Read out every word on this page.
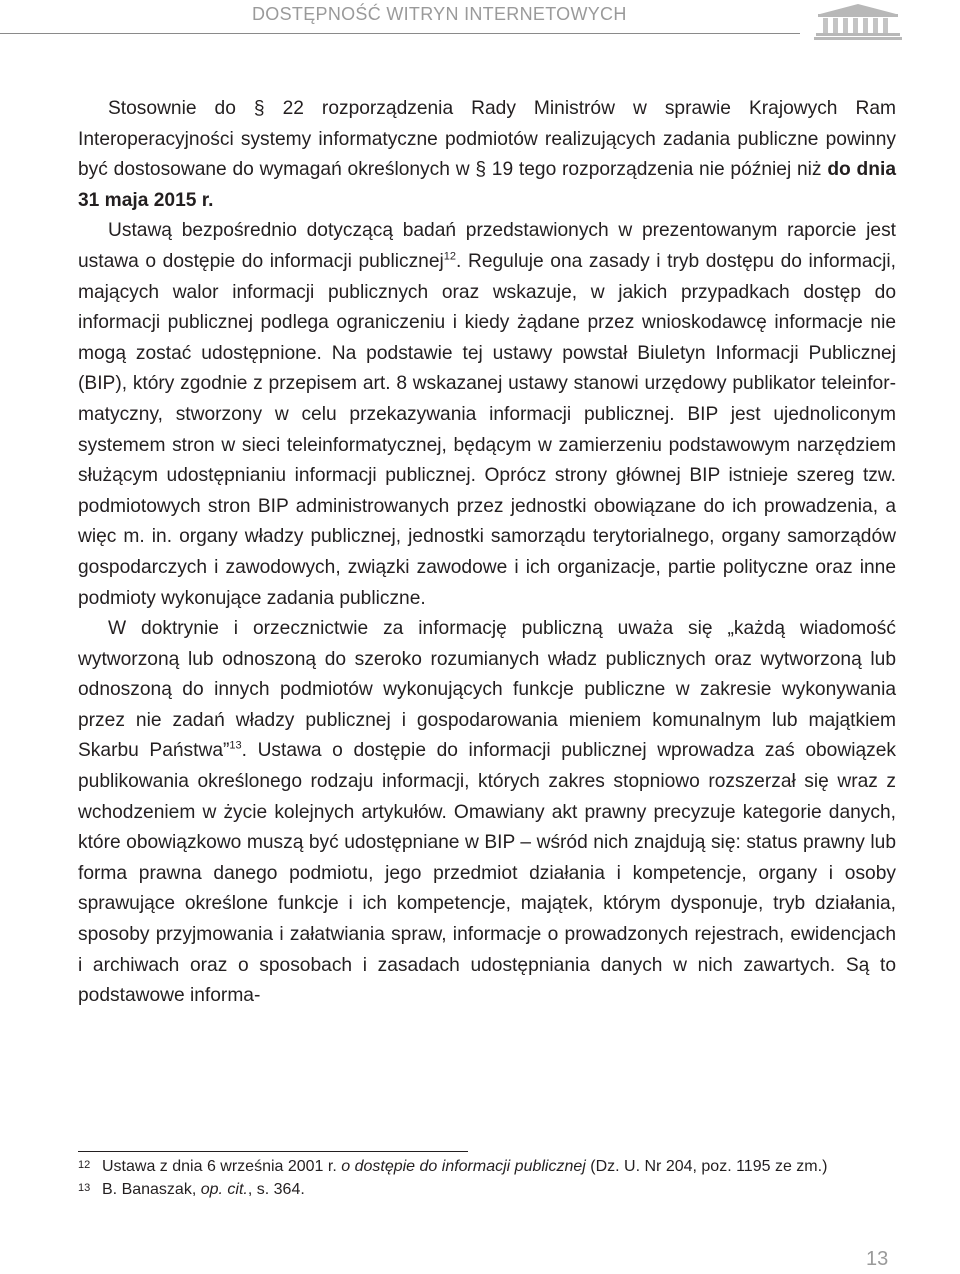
DOSTĘPNOŚĆ WITRYN INTERNETOWYCH

Stosownie do § 22 rozporządzenia Rady Ministrów w sprawie Krajowych Ram Interoperacyjności systemy informatyczne podmiotów realizujących zadania publiczne powinny być dostosowane do wymagań określonych w § 19 tego rozporządzenia nie później niż do dnia 31 maja 2015 r.

Ustawą bezpośrednio dotyczącą badań przedstawionych w prezentowanym raporcie jest ustawa o dostępie do informacji publicznej$^{12}$. Reguluje ona zasady i tryb dostępu do informacji, mających walor informacji publicznych oraz wskazuje, w jakich przypadkach dostęp do informacji publicznej podlega ograniczeniu i kiedy żądane przez wnioskodawcę informacje nie mogą zostać udostępnione. Na podstawie tej ustawy powstał Biuletyn Informacji Publicznej (BIP), który zgodnie z przepisem art. 8 wskazanej ustawy stanowi urzędowy publikator teleinformatyczny, stworzony w celu przekazywania informacji publicznej. BIP jest ujednoliconym systemem stron w sieci teleinformatycznej, będącym w zamierzeniu podstawowym narzędziem służącym udostępnianiu informacji publicznej. Oprócz strony głównej BIP istnieje szereg tzw. podmiotowych stron BIP administrowanych przez jednostki obowiązane do ich prowadzenia, a więc m. in. organy władzy publicznej, jednostki samorządu terytorialnego, organy samorządów gospodarczych i zawodowych, związki zawodowe i ich organizacje, partie polityczne oraz inne podmioty wykonujące zadania publiczne.

W doktrynie i orzecznictwie za informację publiczną uważa się „każdą wiadomość wytworzoną lub odnoszoną do szeroko rozumianych władz publicznych oraz wytworzoną lub odnoszoną do innych podmiotów wykonujących funkcje publiczne w zakresie wykonywania przez nie zadań władzy publicznej i gospodarowania mieniem komunalnym lub majątkiem Skarbu Państwa”$^{13}$. Ustawa o dostępie do informacji publicznej wprowadza zaś obowiązek publikowania określonego rodzaju informacji, których zakres stopniowo rozszerzał się wraz z wchodzeniem w życie kolejnych artykułów. Omawiany akt prawny precyzuje kategorie danych, które obowiązkowo muszą być udostępniane w BIP – wśród nich znajdują się: status prawny lub forma prawna danego podmiotu, jego przedmiot działania i kompetencje, organy i osoby sprawujące określone funkcje i ich kompetencje, majątek, którym dysponuje, tryb działania, sposoby przyjmowania i załatwiania spraw, informacje o prowadzonych rejestrach, ewidencjach i archiwach oraz o sposobach i zasadach udostępniania danych w nich zawartych. Są to podstawowe informa-

12 Ustawa z dnia 6 września 2001 r. o dostępie do informacji publicznej (Dz. U. Nr 204, poz. 1195 ze zm.)
13 B. Banaszak, op. cit., s. 364.
13
